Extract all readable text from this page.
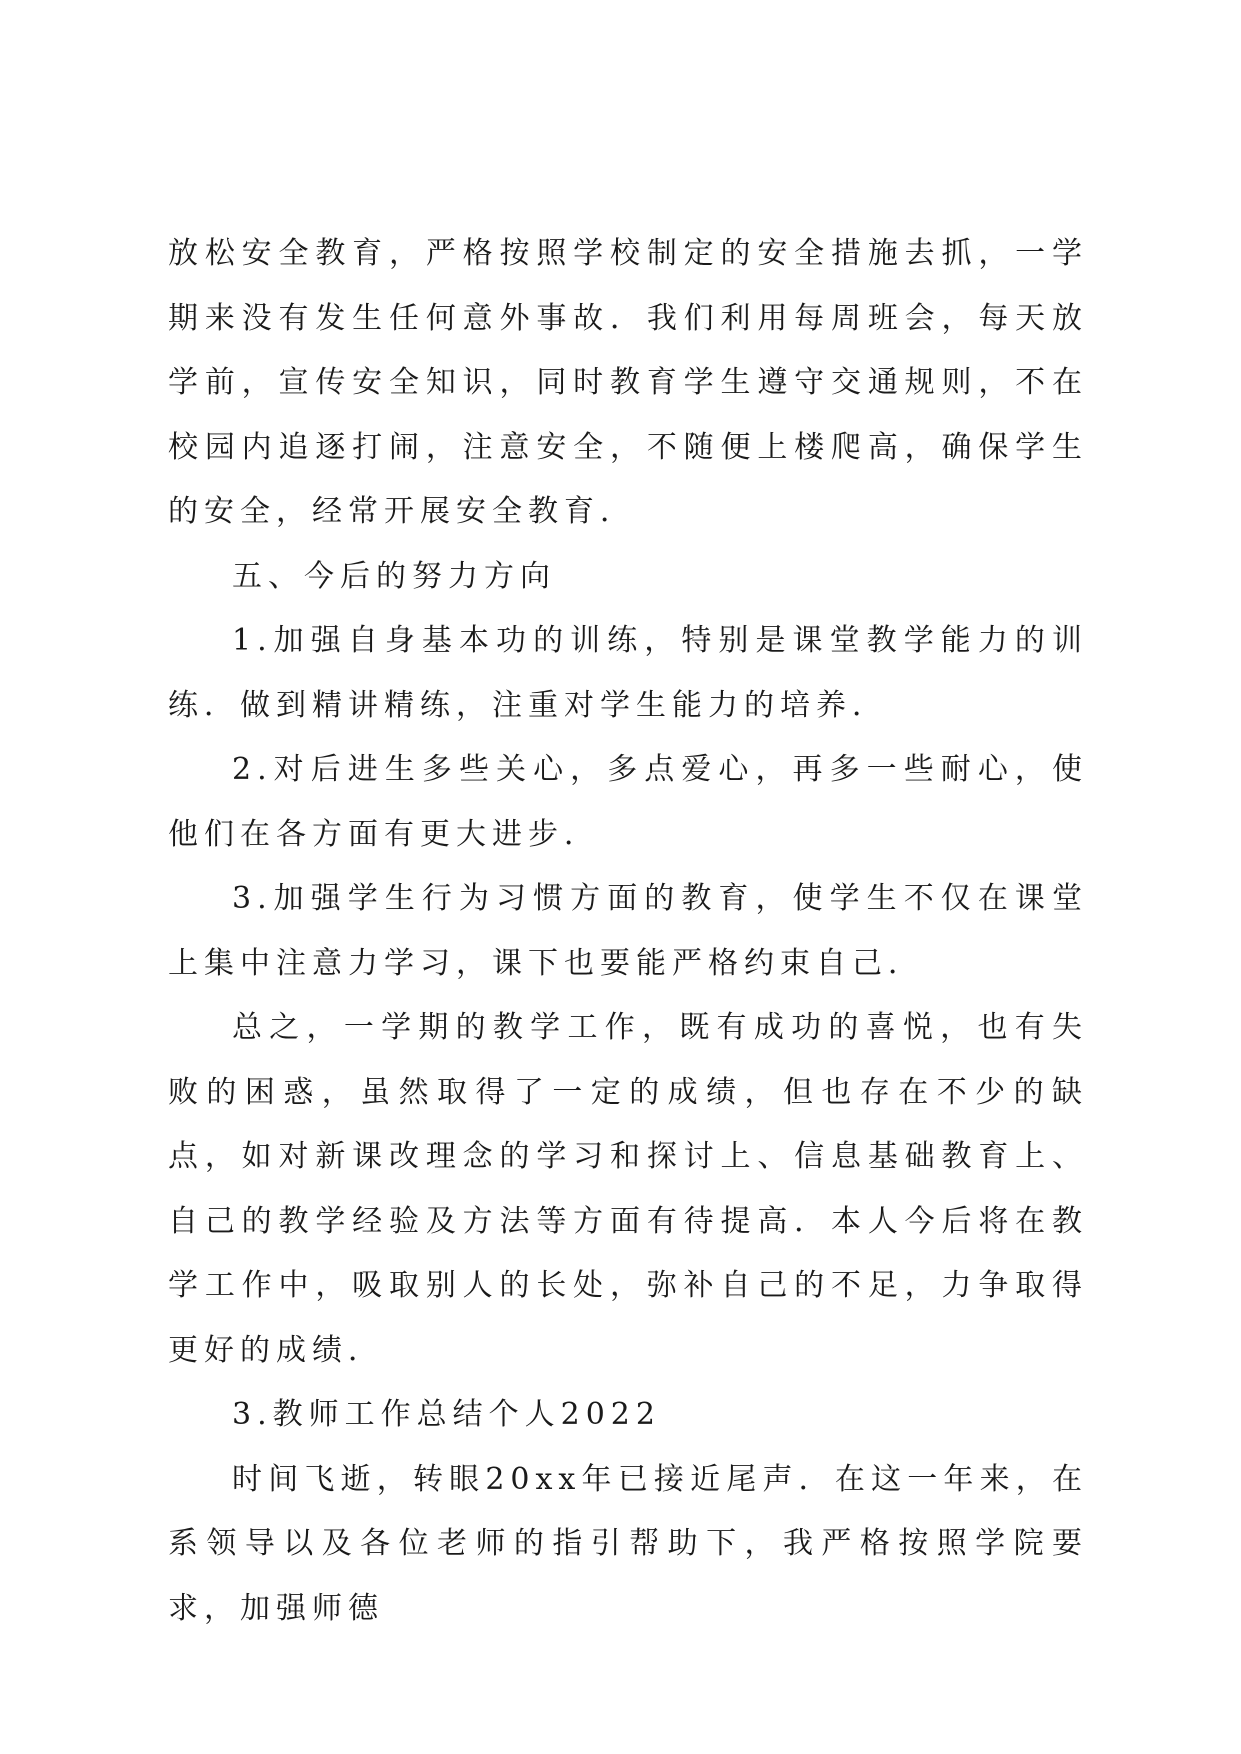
放松安全教育，严格按照学校制定的安全措施去抓，一学期来没有发生任何意外事故．我们利用每周班会，每天放学前，宣传安全知识，同时教育学生遵守交通规则，不在校园内追逐打闹，注意安全，不随便上楼爬高，确保学生的安全，经常开展安全教育．

五、今后的努力方向

1.加强自身基本功的训练，特别是课堂教学能力的训练．做到精讲精练，注重对学生能力的培养．

2.对后进生多些关心，多点爱心，再多一些耐心，使他们在各方面有更大进步．

3.加强学生行为习惯方面的教育，使学生不仅在课堂上集中注意力学习，课下也要能严格约束自己．

总之，一学期的教学工作，既有成功的喜悦，也有失败的困惑，虽然取得了一定的成绩，但也存在不少的缺点，如对新课改理念的学习和探讨上、信息基础教育上、自己的教学经验及方法等方面有待提高．本人今后将在教学工作中，吸取别人的长处，弥补自己的不足，力争取得更好的成绩．

3.教师工作总结个人2022

时间飞逝，转眼20xx年已接近尾声．在这一年来，在系领导以及各位老师的指引帮助下，我严格按照学院要求，加强师德
